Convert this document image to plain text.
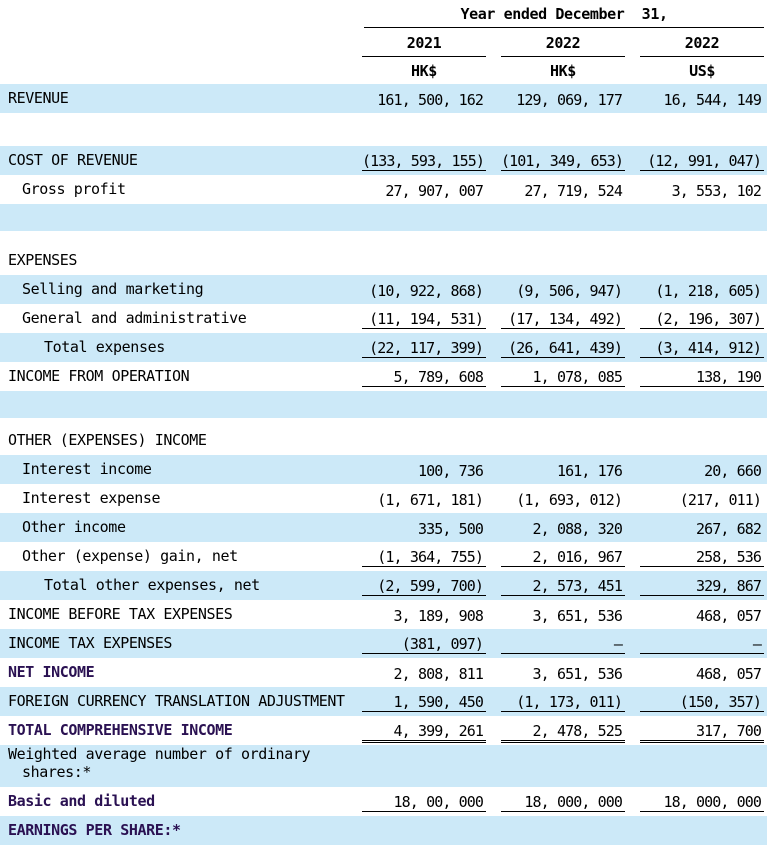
	Year ended December  31,		

	2021	2022	2022

	HK$	HK$	US$

REVENUE	161, 500, 162	129, 069, 177	16, 544, 149

COST OF REVENUE	(133, 593, 155)	(101, 349, 653)	(12, 991, 047)

Gross profit	27, 907, 007	27, 719, 524	3, 553, 102

EXPENSES			
Selling and marketing	(10, 922, 868)	(9, 506, 947)	(1, 218, 605)

General and administrative	(11, 194, 531)	(17, 134, 492)	(2, 196, 307)

Total expenses	(22, 117, 399)	(26, 641, 439)	(3, 414, 912)

INCOME FROM OPERATION	5, 789, 608	1, 078, 085	138, 190

OTHER (EXPENSES) INCOME			
Interest income	100, 736	161, 176	20, 660

Interest expense	(1, 671, 181)	(1, 693, 012)	(217, 011)

Other income	335, 500	2, 088, 320	267, 682

Other (expense) gain, net	(1, 364, 755)	2, 016, 967	258, 536

Total other expenses, net	(2, 599, 700)	2, 573, 451	329, 867

INCOME BEFORE TAX EXPENSES	3, 189, 908	3, 651, 536	468, 057

INCOME TAX EXPENSES	(381, 097)	—	—

NET INCOME	2, 808, 811	3, 651, 536	468, 057

FOREIGN CURRENCY TRANSLATION ADJUSTMENT	1, 590, 450	(1, 173, 011)	(150, 357)

TOTAL COMPREHENSIVE INCOME	4, 399, 261	2, 478, 525	317, 700

Weighted average number of ordinary
shares:*			

Basic and diluted	18, 00, 000	18, 000, 000	18, 000, 000

EARNINGS PER SHARE:*			
